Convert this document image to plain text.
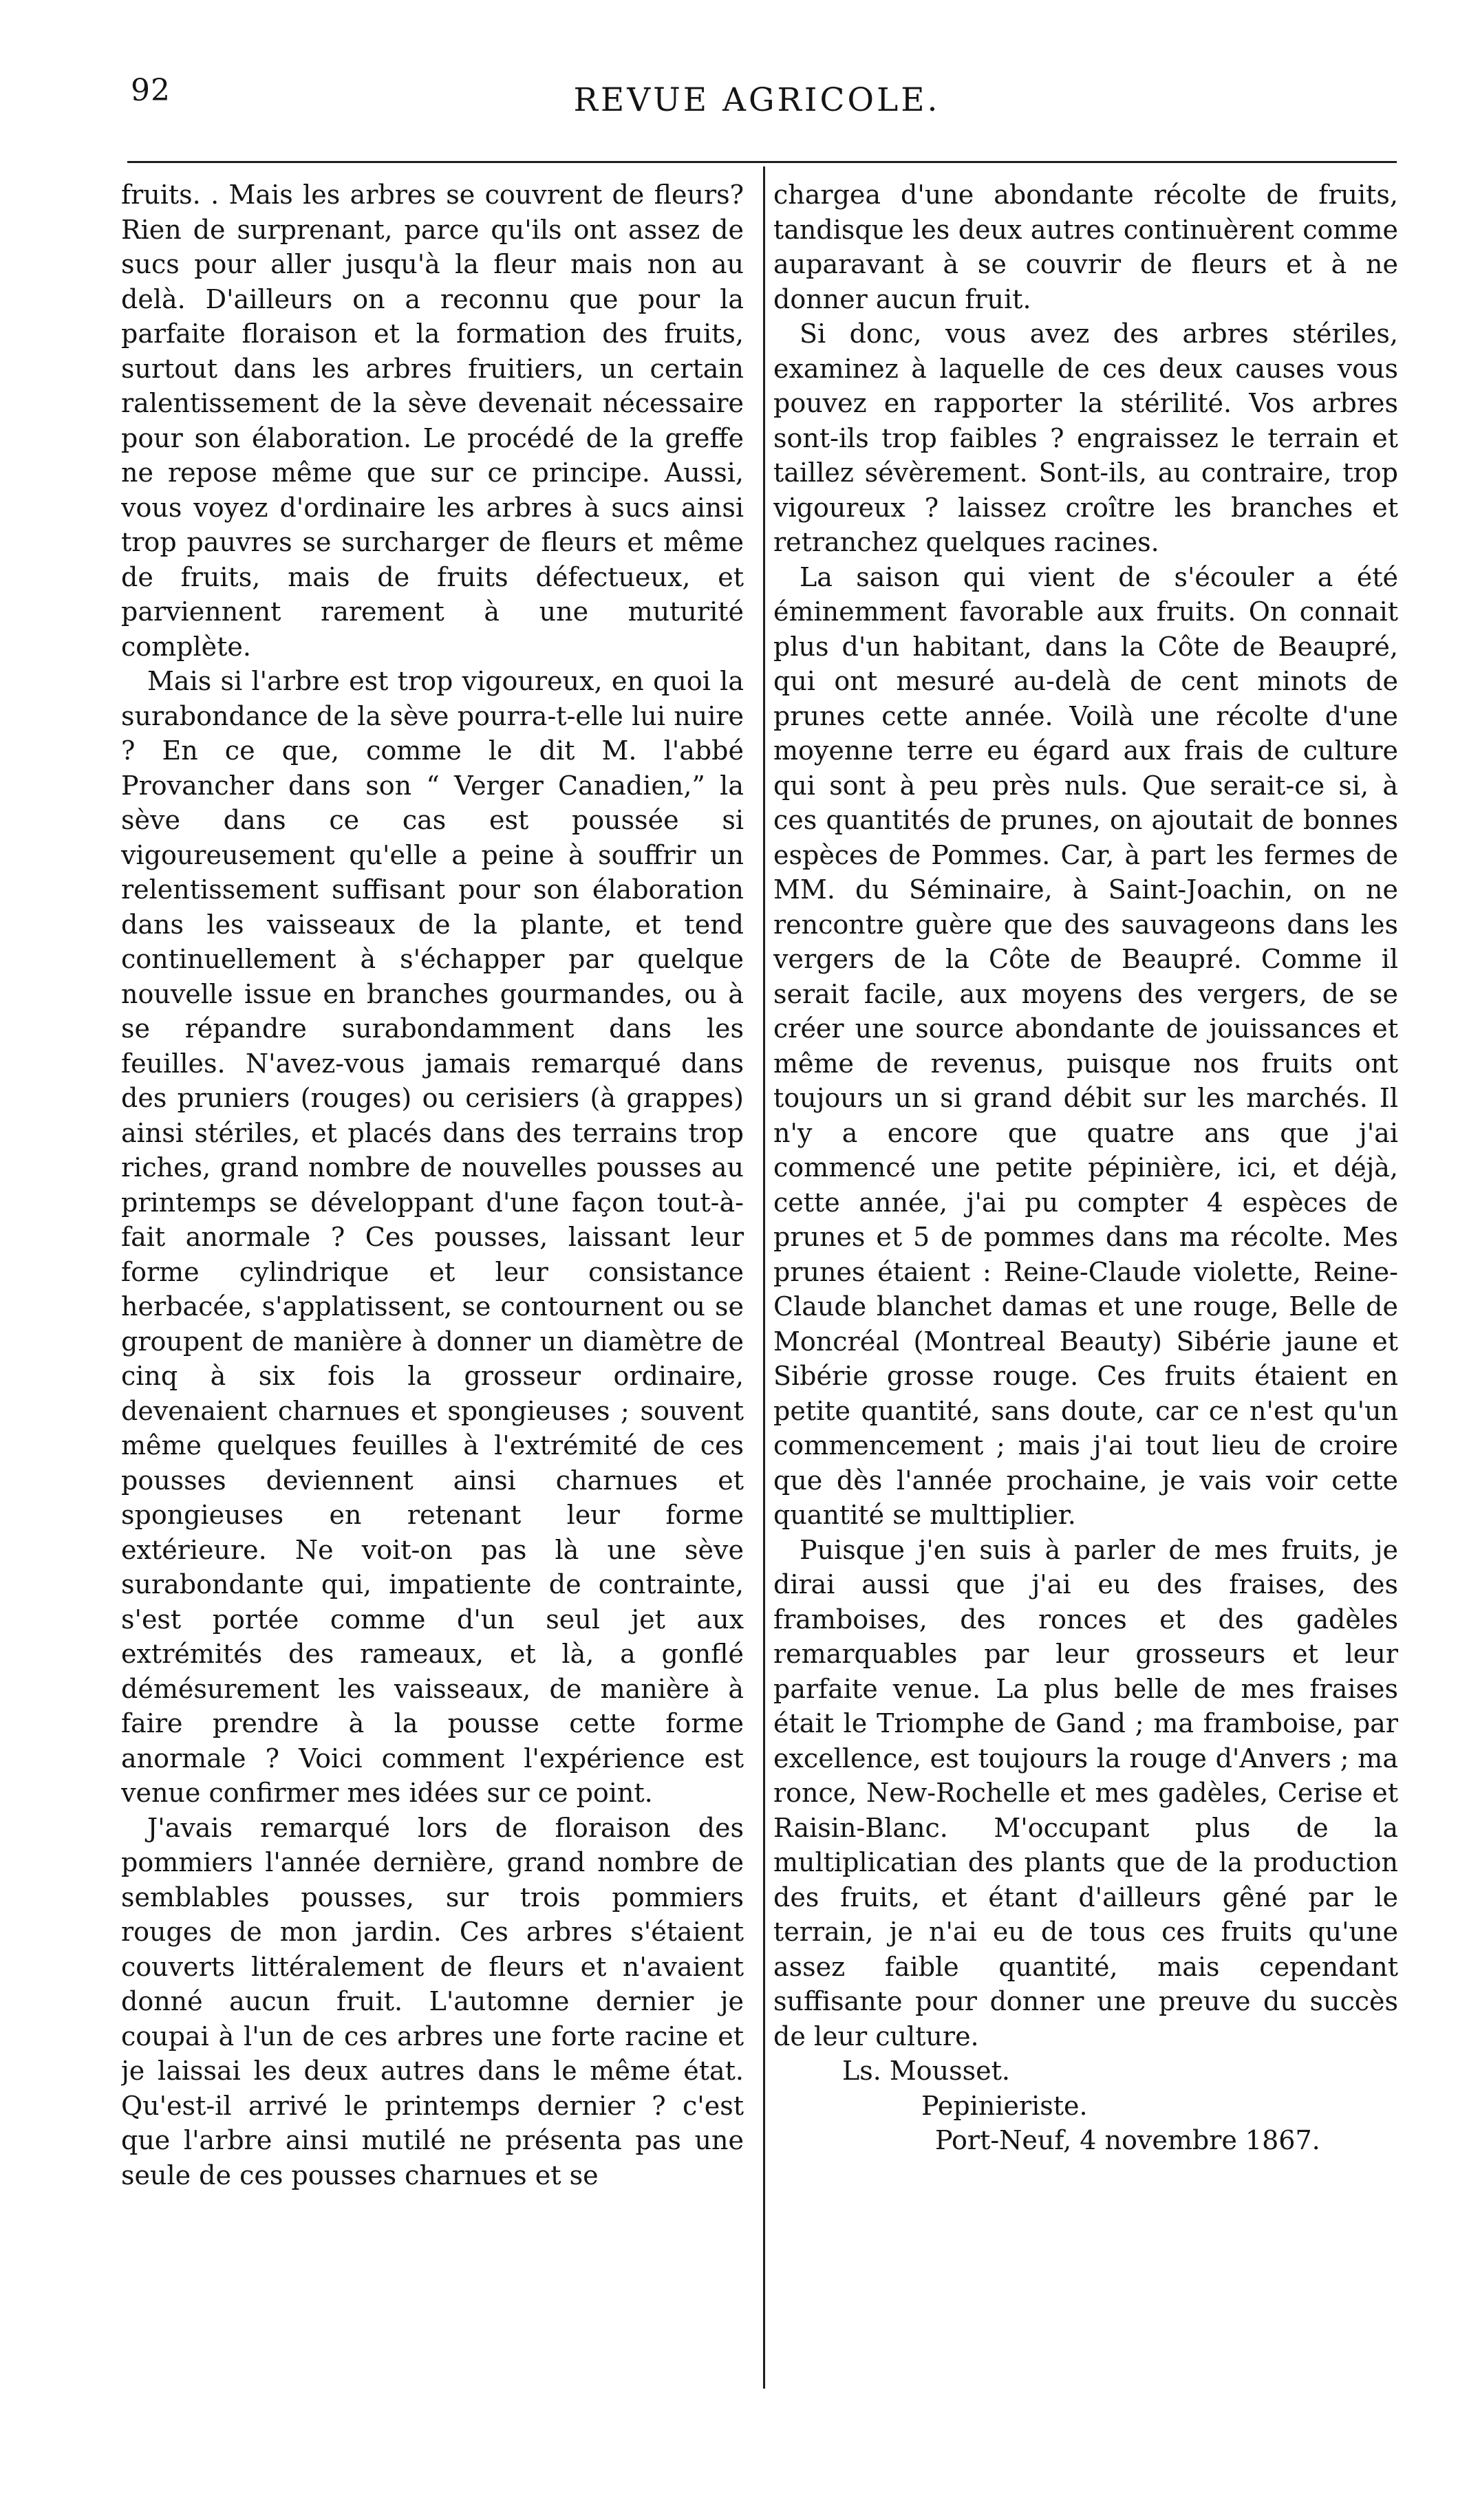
92	REVUE AGRICOLE.

fruits. . Mais les arbres se couvrent de fleurs? Rien de surprenant, parce qu'ils ont assez de sucs pour aller jusqu'à la fleur mais non au delà. D'ailleurs on a reconnu que pour la parfaite floraison et la formation des fruits, surtout dans les arbres fruitiers, un certain ralentissement de la sève devenait nécessaire pour son élaboration. Le procédé de la greffe ne repose même que sur ce principe. Aussi, vous voyez d'ordinaire les arbres à sucs ainsi trop pauvres se surcharger de fleurs et même de fruits, mais de fruits défectueux, et parviennent rarement à une muturité complète.

Mais si l'arbre est trop vigoureux, en quoi la surabondance de la sève pourra-t-elle lui nuire ? En ce que, comme le dit M. l'abbé Provancher dans son “ Verger Canadien,” la sève dans ce cas est poussée si vigoureusement qu'elle a peine à souffrir un relentissement suffisant pour son élaboration dans les vaisseaux de la plante, et tend continuellement à s'échapper par quelque nouvelle issue en branches gourmandes, ou à se répandre surabondamment dans les feuilles. N'avez-vous jamais remarqué dans des pruniers (rouges) ou cerisiers (à grappes) ainsi stériles, et placés dans des terrains trop riches, grand nombre de nouvelles pousses au printemps se développant d'une façon tout-à-fait anormale ? Ces pousses, laissant leur forme cylindrique et leur consistance herbacée, s'applatissent, se contournent ou se groupent de manière à donner un diamètre de cinq à six fois la grosseur ordinaire, devenaient charnues et spongieuses ; souvent même quelques feuilles à l'extrémité de ces pousses deviennent ainsi charnues et spongieuses en retenant leur forme extérieure. Ne voit-on pas là une sève surabondante qui, impatiente de contrainte, s'est portée comme d'un seul jet aux extrémités des rameaux, et là, a gonflé démésurement les vaisseaux, de manière à faire prendre à la pousse cette forme anormale ? Voici comment l'expérience est venue confirmer mes idées sur ce point.

J'avais remarqué lors de floraison des pommiers l'année dernière, grand nombre de semblables pousses, sur trois pommiers rouges de mon jardin. Ces arbres s'étaient couverts littéralement de fleurs et n'avaient donné aucun fruit. L'automne dernier je coupai à l'un de ces arbres une forte racine et je laissai les deux autres dans le même état. Qu'est-il arrivé le printemps dernier ? c'est que l'arbre ainsi mutilé ne présenta pas une seule de ces pousses charnues et se

chargea d'une abondante récolte de fruits, tandisque les deux autres continuèrent comme auparavant à se couvrir de fleurs et à ne donner aucun fruit.

Si donc, vous avez des arbres stériles, examinez à laquelle de ces deux causes vous pouvez en rapporter la stérilité. Vos arbres sont-ils trop faibles ? engraissez le terrain et taillez sévèrement. Sont-ils, au contraire, trop vigoureux ? laissez croître les branches et retranchez quelques racines.

La saison qui vient de s'écouler a été éminemment favorable aux fruits. On connait plus d'un habitant, dans la Côte de Beaupré, qui ont mesuré au-delà de cent minots de prunes cette année. Voilà une récolte d'une moyenne terre eu égard aux frais de culture qui sont à peu près nuls. Que serait-ce si, à ces quantités de prunes, on ajoutait de bonnes espèces de Pommes. Car, à part les fermes de MM. du Séminaire, à Saint-Joachin, on ne rencontre guère que des sauvageons dans les vergers de la Côte de Beaupré. Comme il serait facile, aux moyens des vergers, de se créer une source abondante de jouissances et même de revenus, puisque nos fruits ont toujours un si grand débit sur les marchés. Il n'y a encore que quatre ans que j'ai commencé une petite pépinière, ici, et déjà, cette année, j'ai pu compter 4 espèces de prunes et 5 de pommes dans ma récolte. Mes prunes étaient : Reine-Claude violette, Reine-Claude blanchet damas et une rouge, Belle de Moncréal (Montreal Beauty) Sibérie jaune et Sibérie grosse rouge. Ces fruits étaient en petite quantité, sans doute, car ce n'est qu'un commencement ; mais j'ai tout lieu de croire que dès l'année prochaine, je vais voir cette quantité se multtiplier.

Puisque j'en suis à parler de mes fruits, je dirai aussi que j'ai eu des fraises, des framboises, des ronces et des gadèles remarquables par leur grosseurs et leur parfaite venue. La plus belle de mes fraises était le Triomphe de Gand ; ma framboise, par excellence, est toujours la rouge d'Anvers ; ma ronce, New-Rochelle et mes gadèles, Cerise et Raisin-Blanc. M'occupant plus de la multiplicatian des plants que de la production des fruits, et étant d'ailleurs gêné par le terrain, je n'ai eu de tous ces fruits qu'une assez faible quantité, mais cependant suffisante pour donner une preuve du succès de leur culture.

Ls. Mousset.

Pepinieriste.

Port-Neuf, 4 novembre 1867.
